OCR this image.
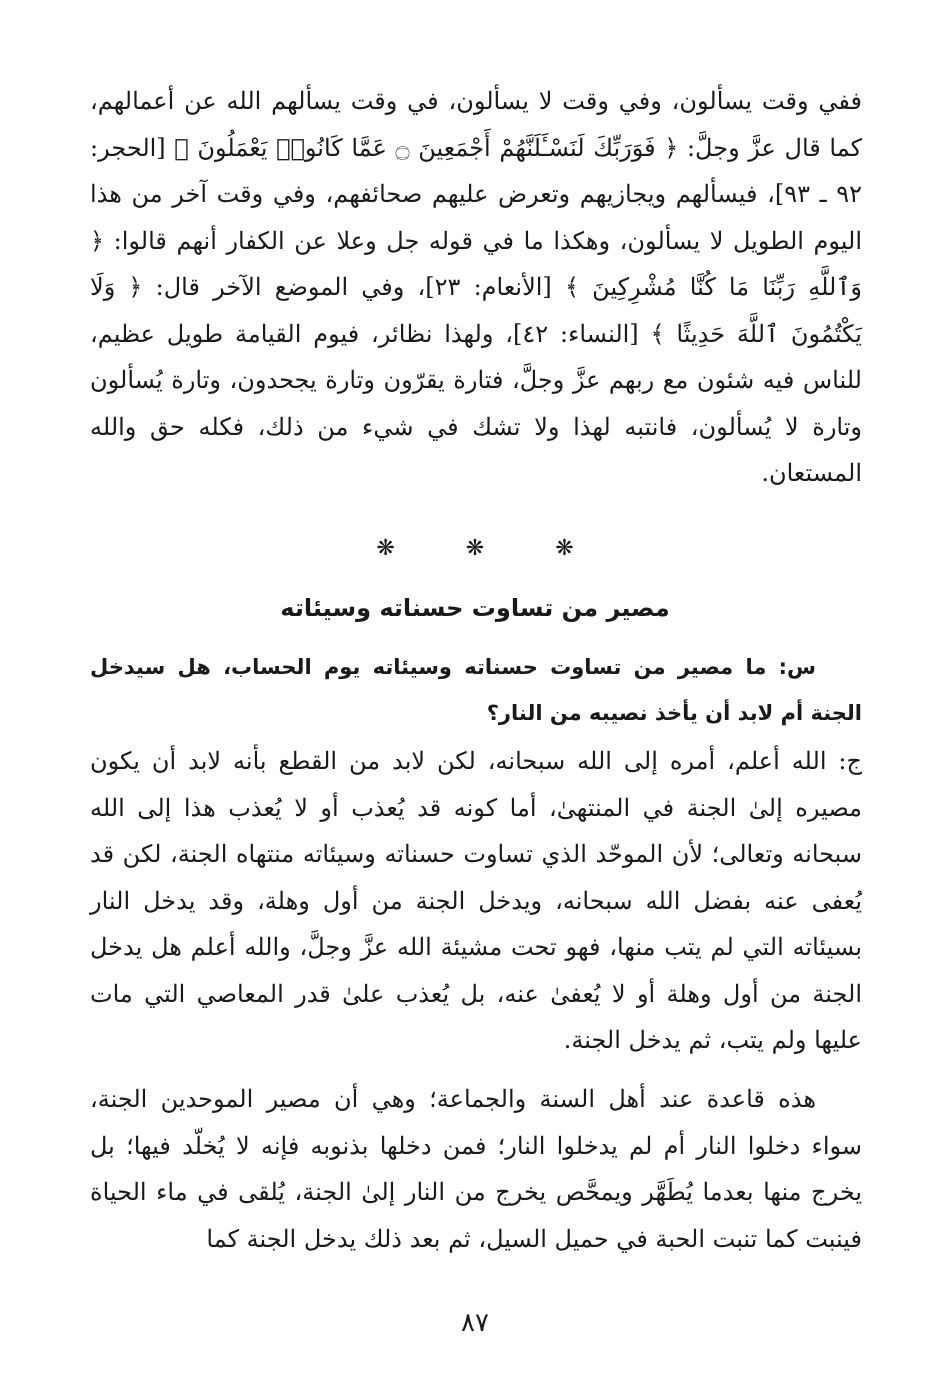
ففي وقت يسألون، وفي وقت لا يسألون، في وقت يسألهم الله عن أعمالهم، كما قال عزَّ وجلَّ: ﴿ فَوَرَبِّكَ لَنَسْـَٔلَنَّهُمْ أَجْمَعِينَ ۝ عَمَّا كَانُوا۟ يَعْمَلُونَ ﴾ [الحجر: ٩٢ ـ ٩٣]، فيسألهم ويجازيهم وتعرض عليهم صحائفهم، وفي وقت آخر من هذا اليوم الطويل لا يسألون، وهكذا ما في قوله جل وعلا عن الكفار أنهم قالوا: ﴿ وَٱللَّهِ رَبِّنَا مَا كُنَّا مُشْرِكِينَ ﴾ [الأنعام: ٢٣]، وفي الموضع الآخر قال: ﴿ وَلَا يَكْتُمُونَ ٱللَّهَ حَدِيثًا ﴾ [النساء: ٤٢]، ولهذا نظائر، فيوم القيامة طويل عظيم، للناس فيه شئون مع ربهم عزَّ وجلَّ، فتارة يقرّون وتارة يجحدون، وتارة يُسألون وتارة لا يُسألون، فانتبه لهذا ولا تشك في شيء من ذلك، فكله حق والله المستعان.

❋	❋	❋
مصير من تساوت حسناته وسيئاته

س: ما مصير من تساوت حسناته وسيئاته يوم الحساب، هل سيدخل الجنة أم لابد أن يأخذ نصيبه من النار؟

ج: الله أعلم، أمره إلى الله سبحانه، لكن لابد من القطع بأنه لابد أن يكون مصيره إلىٰ الجنة في المنتهىٰ، أما كونه قد يُعذب أو لا يُعذب هذا إلى الله سبحانه وتعالى؛ لأن الموحّد الذي تساوت حسناته وسيئاته منتهاه الجنة، لكن قد يُعفى عنه بفضل الله سبحانه، ويدخل الجنة من أول وهلة، وقد يدخل النار بسيئاته التي لم يتب منها، فهو تحت مشيئة الله عزَّ وجلَّ، والله أعلم هل يدخل الجنة من أول وهلة أو لا يُعفىٰ عنه، بل يُعذب علىٰ قدر المعاصي التي مات عليها ولم يتب، ثم يدخل الجنة.

هذه قاعدة عند أهل السنة والجماعة؛ وهي أن مصير الموحدين الجنة، سواء دخلوا النار أم لم يدخلوا النار؛ فمن دخلها بذنوبه فإنه لا يُخلّد فيها؛ بل يخرج منها بعدما يُطَهَّر ويمحَّص يخرج من النار إلىٰ الجنة، يُلقى في ماء الحياة فينبت كما تنبت الحبة في حميل السيل، ثم بعد ذلك يدخل الجنة كما

٨٧
